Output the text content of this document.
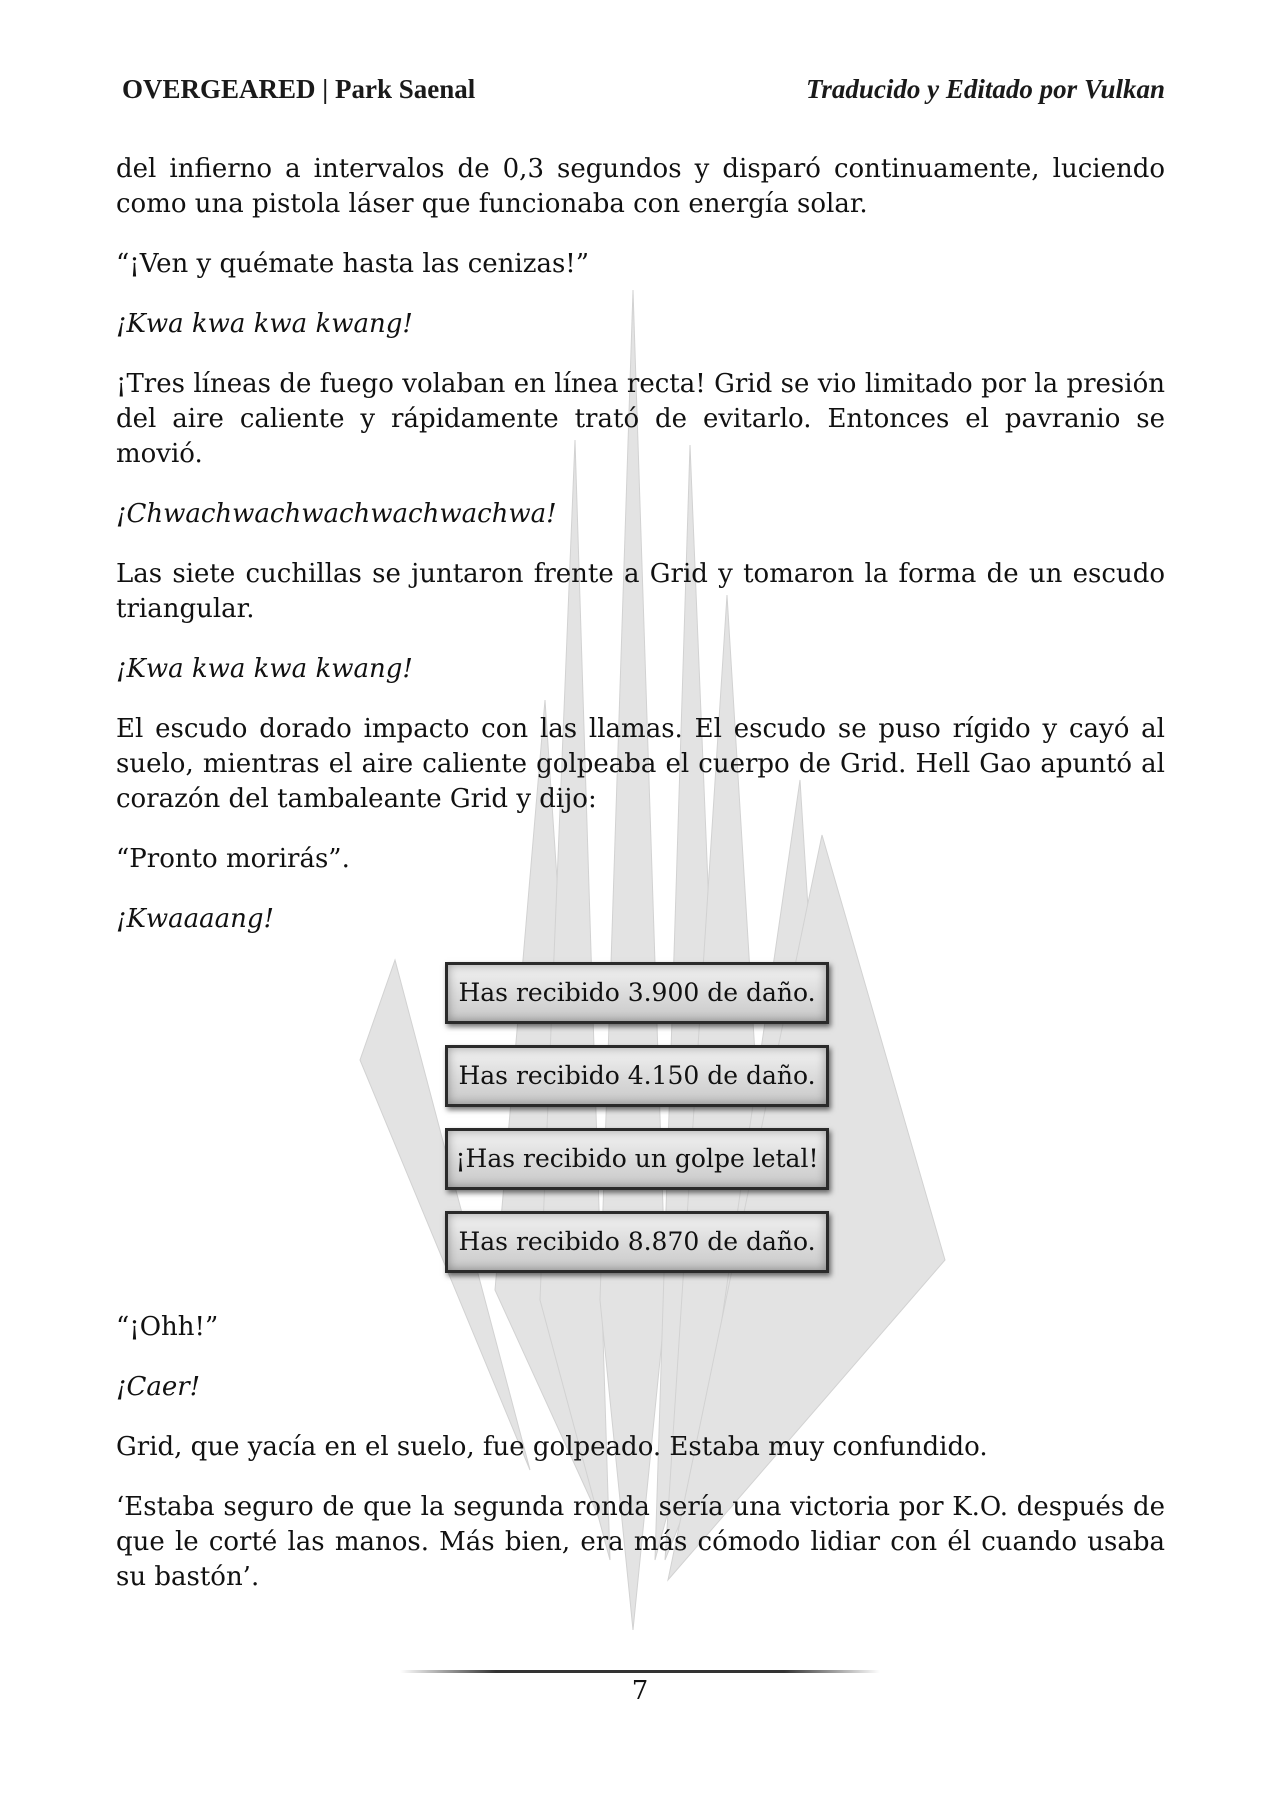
OVERGEARED | Park Saenal	Traducido y Editado por Vulkan

del infierno a intervalos de 0,3 segundos y disparó continuamente, luciendo como una pistola láser que funcionaba con energía solar.

“¡Ven y quémate hasta las cenizas!”

¡Kwa kwa kwa kwang!

¡Tres líneas de fuego volaban en línea recta! Grid se vio limitado por la presión del aire caliente y rápidamente trató de evitarlo. Entonces el pavranio se movió.

¡Chwachwachwachwachwachwa!

Las siete cuchillas se juntaron frente a Grid y tomaron la forma de un escudo triangular.

¡Kwa kwa kwa kwang!

El escudo dorado impacto con las llamas. El escudo se puso rígido y cayó al suelo, mientras el aire caliente golpeaba el cuerpo de Grid. Hell Gao apuntó al corazón del tambaleante Grid y dijo:

“Pronto morirás”.

¡Kwaaaang!

Has recibido 3.900 de daño.
Has recibido 4.150 de daño.
¡Has recibido un golpe letal!
Has recibido 8.870 de daño.

“¡Ohh!”

¡Caer!

Grid, que yacía en el suelo, fue golpeado. Estaba muy confundido.

‘Estaba seguro de que la segunda ronda sería una victoria por K.O. después de que le corté las manos. Más bien, era más cómodo lidiar con él cuando usaba su bastón’.

7
